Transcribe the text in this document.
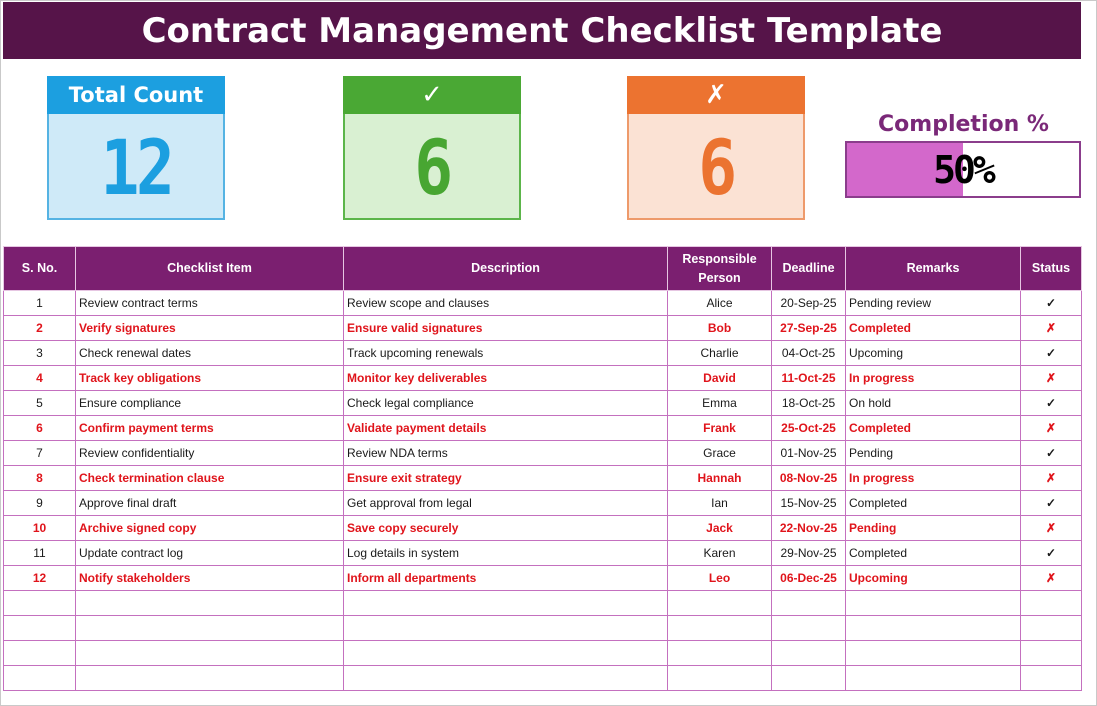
Contract Management Checklist Template
Total Count
12
✓
6
✗
6	Completion %
50%
S. No.	Checklist Item	Description	Responsible Person	Deadline	Remarks	Status
1	Review contract terms	Review scope and clauses	Alice	20-Sep-25	Pending review	✓
2	Verify signatures	Ensure valid signatures	Bob	27-Sep-25	Completed	✗
3	Check renewal dates	Track upcoming renewals	Charlie	04-Oct-25	Upcoming	✓
4	Track key obligations	Monitor key deliverables	David	11-Oct-25	In progress	✗
5	Ensure compliance	Check legal compliance	Emma	18-Oct-25	On hold	✓
6	Confirm payment terms	Validate payment details	Frank	25-Oct-25	Completed	✗
7	Review confidentiality	Review NDA terms	Grace	01-Nov-25	Pending	✓
8	Check termination clause	Ensure exit strategy	Hannah	08-Nov-25	In progress	✗
9	Approve final draft	Get approval from legal	Ian	15-Nov-25	Completed	✓
10	Archive signed copy	Save copy securely	Jack	22-Nov-25	Pending	✗
11	Update contract log	Log details in system	Karen	29-Nov-25	Completed	✓
12	Notify stakeholders	Inform all departments	Leo	06-Dec-25	Upcoming	✗
